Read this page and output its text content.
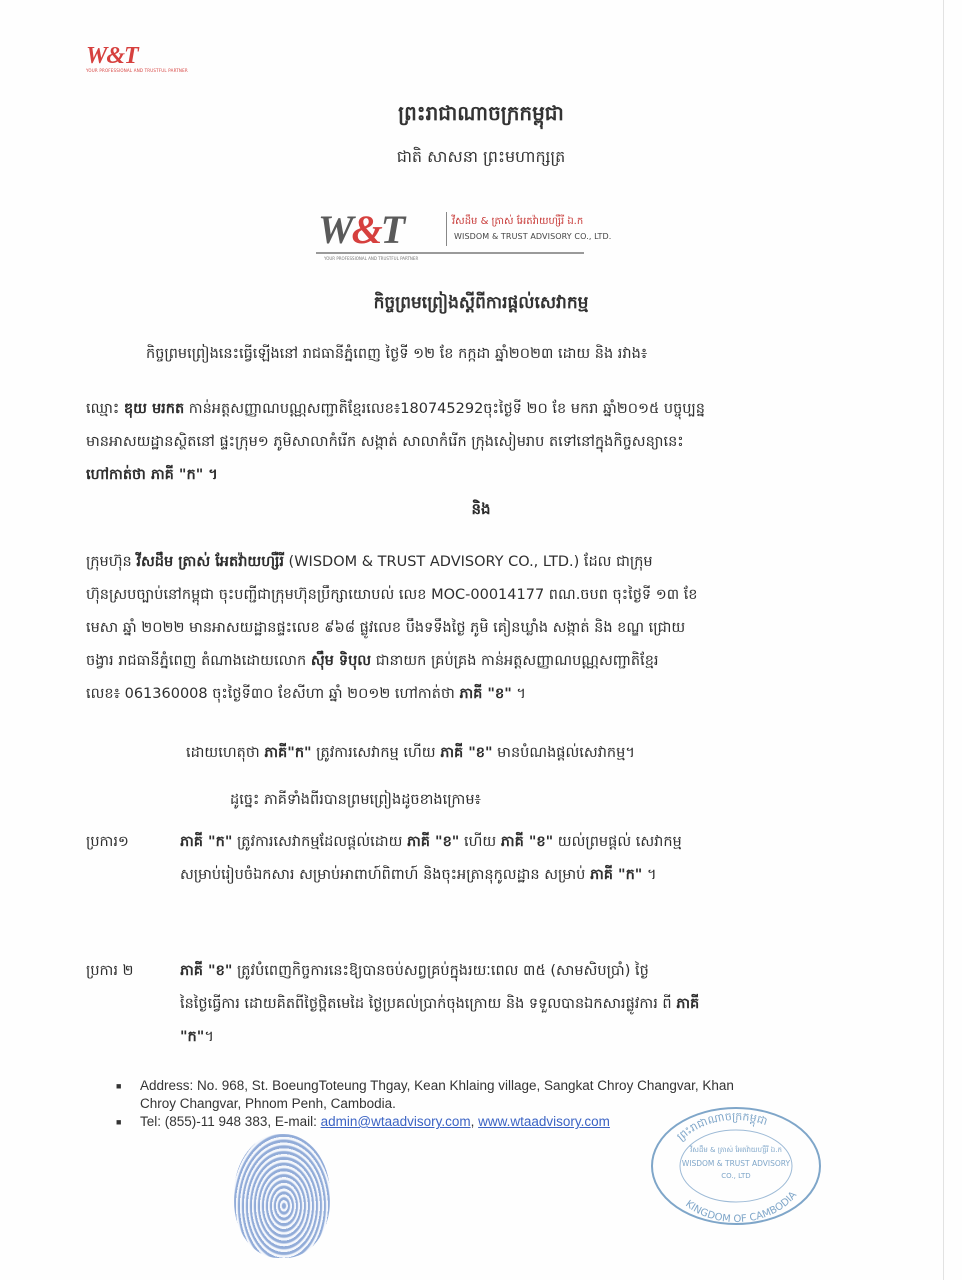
W&T
YOUR PROFESSIONAL AND TRUSTFUL PARTNER
ព្រះរាជាណាចក្រកម្ពុជា
ជាតិ សាសនា ព្រះមហាក្សត្រ
W&T	វីសដឹម & ត្រាស់ អែតវ៉ាយហ្សឺរី ឯ.ក
WISDOM & TRUST ADVISORY CO., LTD.
YOUR PROFESSIONAL AND TRUSTFUL PARTNER
កិច្ចព្រមព្រៀងស្តីពីការផ្តល់សេវាកម្ម
កិច្ចព្រមព្រៀងនេះធ្វើឡើងនៅ រាជធានីភ្នំពេញ ថ្ងៃទី ១២ ខែ កក្កដា ឆ្នាំ២០២៣ ដោយ និង រវាង៖
ឈ្មោះ ឌុយ មរកត កាន់អត្តសញ្ញាណបណ្ណសញ្ជាតិខ្មែរលេខ៖180745292ចុះថ្ងៃទី ២០ ខែ មករា ឆ្នាំ២០១៥ បច្ចុប្បន្ន
មានអាសយដ្ឋានស្ថិតនៅ ផ្ទះក្រុម១ ភូមិសាលាកំរើក សង្កាត់ សាលាកំរើក ក្រុងសៀមរាប តទៅនៅក្នុងកិច្ចសន្យានេះ
ហៅកាត់ថា ភាគី "ក" ។
និង
ក្រុមហ៊ុន វីសដឹម ត្រាស់ អែតវ៉ាយហ្សឺរី (WISDOM & TRUST ADVISORY CO., LTD.) ដែល ជាក្រុម
ហ៊ុនស្របច្បាប់នៅកម្ពុជា ចុះបញ្ជីជាក្រុមហ៊ុនប្រឹក្សាយោបល់ លេខ MOC-00014177 ពណ.ចបព ចុះថ្ងៃទី ១៣ ខែ
មេសា ឆ្នាំ ២០២២ មានអាសយដ្ឋានផ្ទះលេខ ៩៦៨ ផ្លូវលេខ បឹងទទឹងថ្ងៃ ភូមិ គៀនឃ្លាំង សង្កាត់ និង ខណ្ឌ ជ្រោយ
ចង្វារ រាជធានីភ្នំពេញ តំណាងដោយលោក ស៊ឹម ទិបុល ជានាយក គ្រប់គ្រង កាន់អត្តសញ្ញាណបណ្ណសញ្ជាតិខ្មែរ
លេខ៖ 061360008 ចុះថ្ងៃទី៣០ ខែសីហា ឆ្នាំ ២០១២ ហៅកាត់ថា ភាគី "ខ" ។
ដោយហេតុថា ភាគី"ក" ត្រូវការសេវាកម្ម ហើយ ភាគី "ខ" មានបំណងផ្តល់សេវាកម្ម។
ដូច្នេះ ភាគីទាំងពីរបានព្រមព្រៀងដូចខាងក្រោម៖
ប្រការ១	ភាគី "ក" ត្រូវការសេវាកម្មដែលផ្តល់ដោយ ភាគី "ខ" ហើយ ភាគី "ខ" យល់ព្រមផ្តល់ សេវាកម្ម
សម្រាប់រៀបចំឯកសារ សម្រាប់អាពាហ៍ពិពាហ៍ និងចុះអត្រានុកូលដ្ឋាន សម្រាប់ ភាគី "ក" ។
ប្រការ ២	ភាគី "ខ" ត្រូវបំពេញកិច្ចការនេះឱ្យបានចប់សព្វគ្រប់ក្នុងរយៈពេល ៣៥ (សាមសិបប្រាំ) ថ្ងៃ
នៃថ្ងៃធ្វើការ ដោយគិតពីថ្ងៃថ្ពិតមេដៃ ថ្ងៃប្រគល់ប្រាក់ចុងក្រោយ និង ទទួលបានឯកសារផ្លូវការ ពី ភាគី
"ក"។
■ Address: No. 968, St. BoeungToteung Thgay, Kean Khlaing village, Sangkat Chroy Changvar, Khan
Chroy Changvar, Phnom Penh, Cambodia.
■ Tel: (855)-11 948 383, E-mail: admin@wtaadvisory.com, www.wtaadvisory.com
ព្រះរាជាណាចក្រកម្ពុជា
វីសដឹម & ត្រាស់ អែតវ៉ាយហ្សឺរី ឯ.ក
WISDOM & TRUST ADVISORY
CO., LTD
KINGDOM OF CAMBODIA
